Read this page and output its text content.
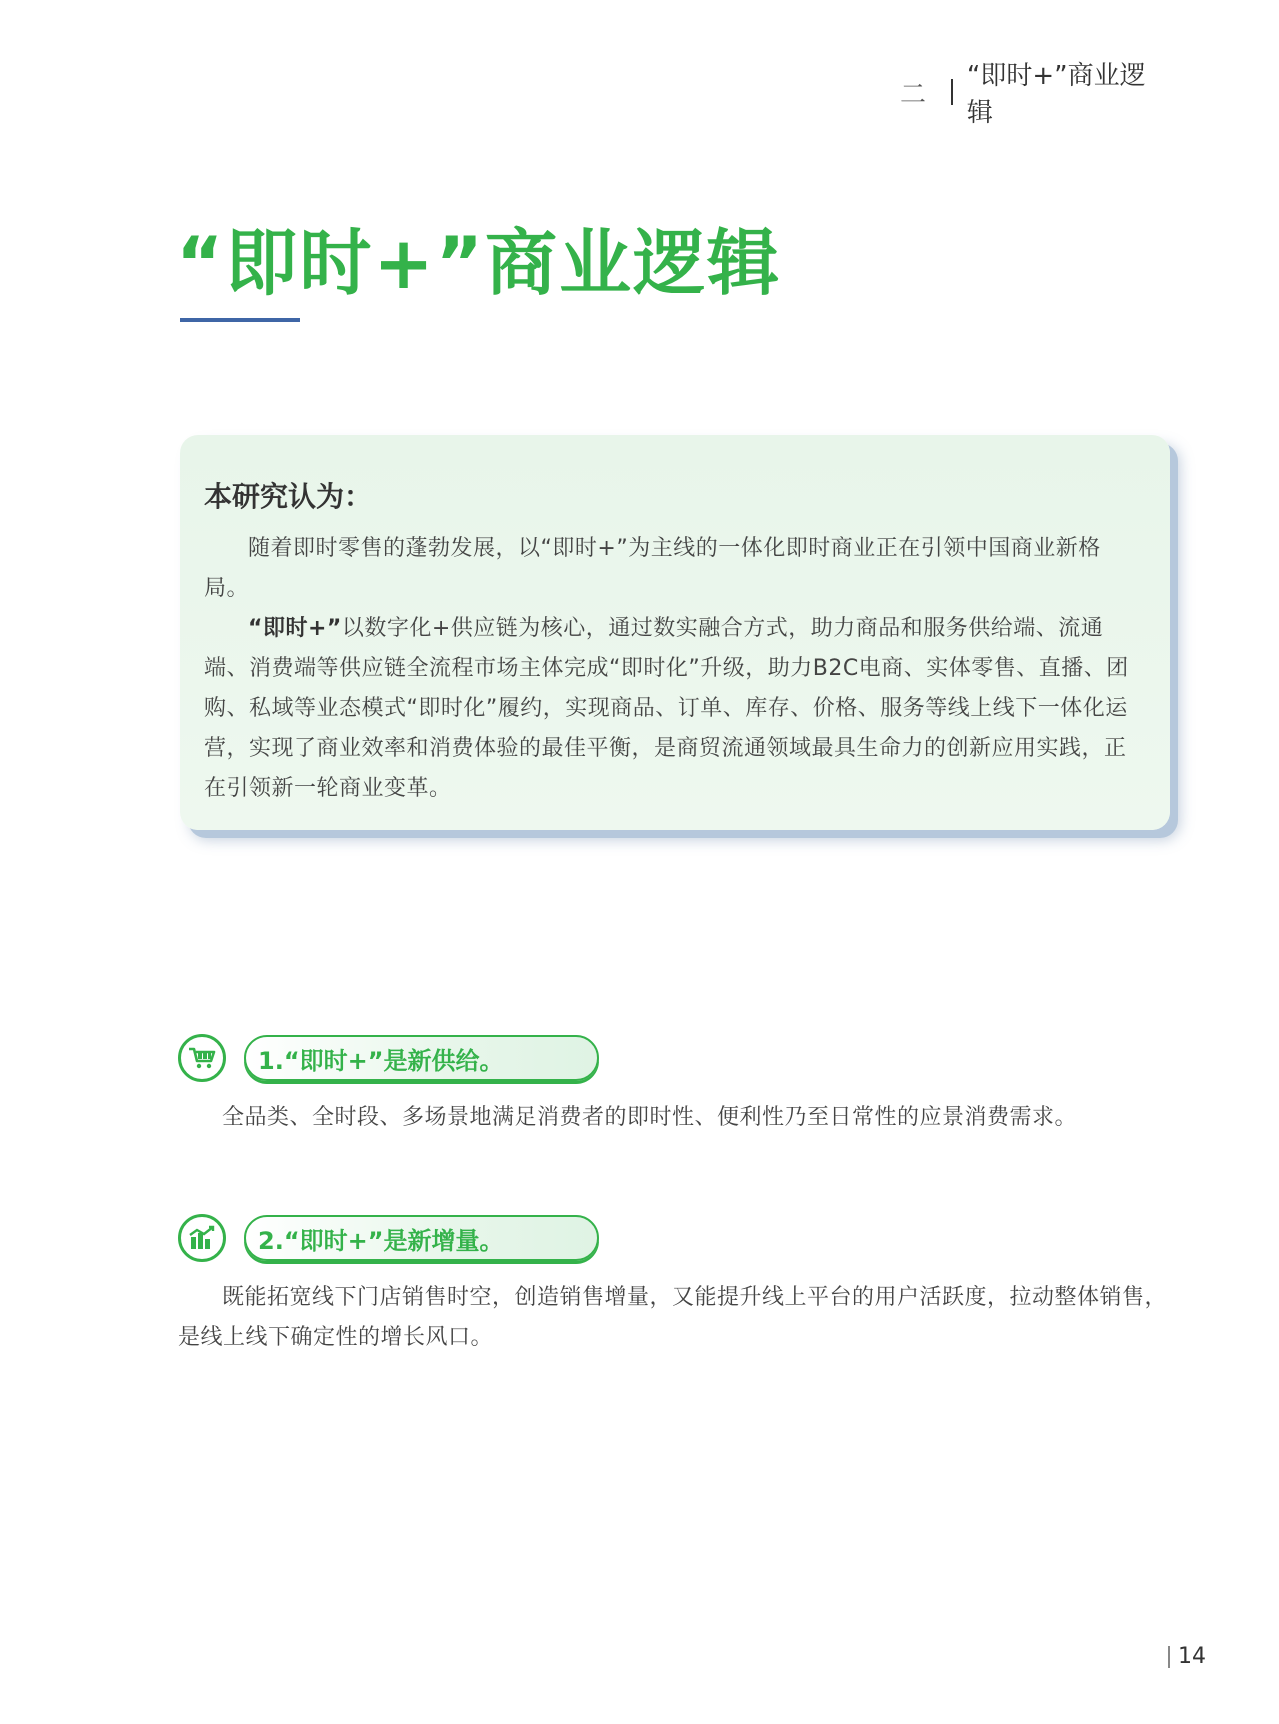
二
“即时+”商业逻辑
“即时+”商业逻辑
本研究认为：

随着即时零售的蓬勃发展，以“即时+”为主线的一体化即时商业正在引领中国商业新格局。

“即时+”以数字化+供应链为核心，通过数实融合方式，助力商品和服务供给端、流通端、消费端等供应链全流程市场主体完成“即时化”升级，助力B2C电商、实体零售、直播、团购、私域等业态模式“即时化”履约，实现商品、订单、库存、价格、服务等线上线下一体化运营，实现了商业效率和消费体验的最佳平衡，是商贸流通领域最具生命力的创新应用实践，正在引领新一轮商业变革。

1.“即时+”是新供给。

全品类、全时段、多场景地满足消费者的即时性、便利性乃至日常性的应景消费需求。

2.“即时+”是新增量。

既能拓宽线下门店销售时空，创造销售增量，又能提升线上平台的用户活跃度，拉动整体销售，是线上线下确定性的增长风口。

14
